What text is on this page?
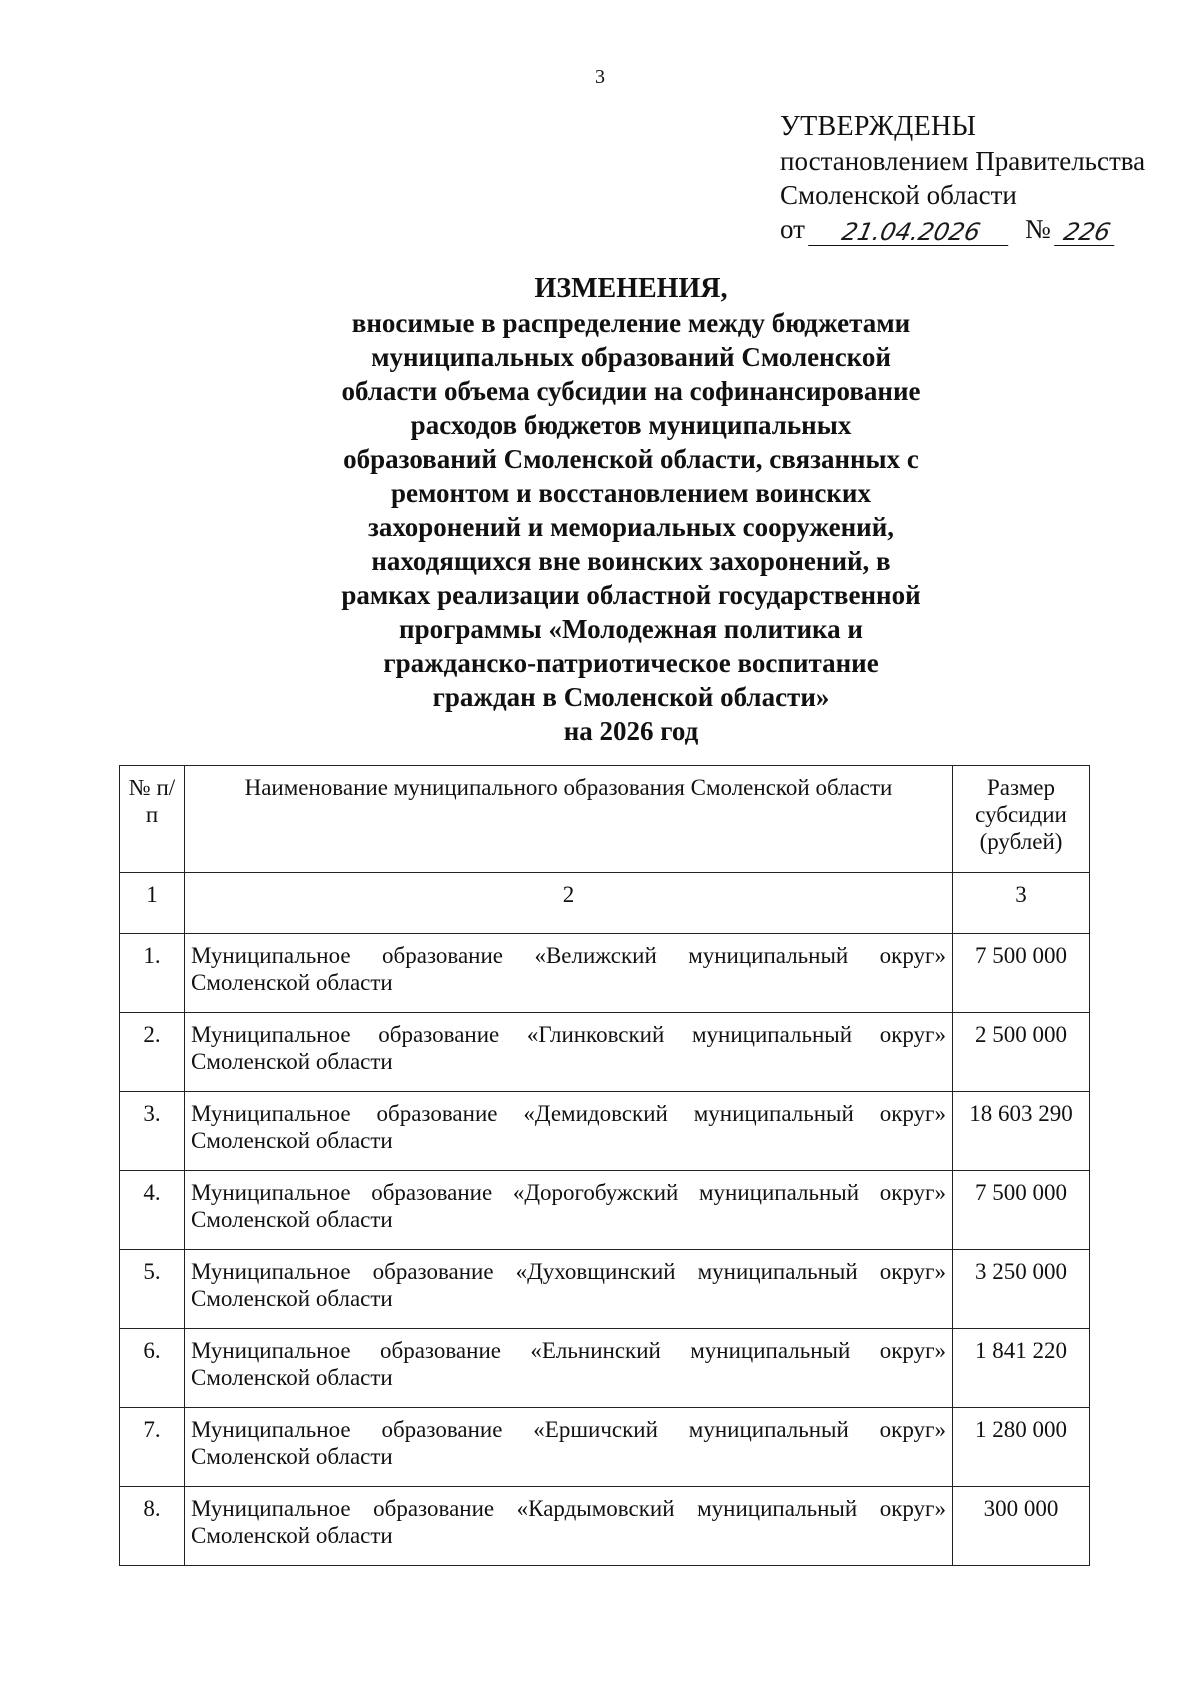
3
УТВЕРЖДЕНЫ
постановлением Правительства
Смоленской области
от	21.04.2026	№ 226
ИЗМЕНЕНИЯ,
вносимые в распределение между бюджетами муниципальных образований Смоленской области объема субсидии на софинансирование расходов бюджетов муниципальных образований Смоленской области, связанных с ремонтом и восстановлением воинских захоронений и мемориальных сооружений, находящихся вне воинских захоронений, в рамках реализации областной государственной программы «Молодежная политика и гражданско-патриотическое воспитание граждан в Смоленской области»
на 2026 год
№ п/п	Наименование муниципального образования Смоленской области	Размер субсидии (рублей)
1	2	3
1.	Муниципальное образование «Велижский муниципальный округ» Смоленской области	7 500 000
2.	Муниципальное образование «Глинковский муниципальный округ» Смоленской области	2 500 000
3.	Муниципальное образование «Демидовский муниципальный округ» Смоленской области	18 603 290
4.	Муниципальное образование «Дорогобужский муниципальный округ» Смоленской области	7 500 000
5.	Муниципальное образование «Духовщинский муниципальный округ» Смоленской области	3 250 000
6.	Муниципальное образование «Ельнинский муниципальный округ» Смоленской области	1 841 220
7.	Муниципальное образование «Ершичский муниципальный округ» Смоленской области	1 280 000
8.	Муниципальное образование «Кардымовский муниципальный округ» Смоленской области	300 000
